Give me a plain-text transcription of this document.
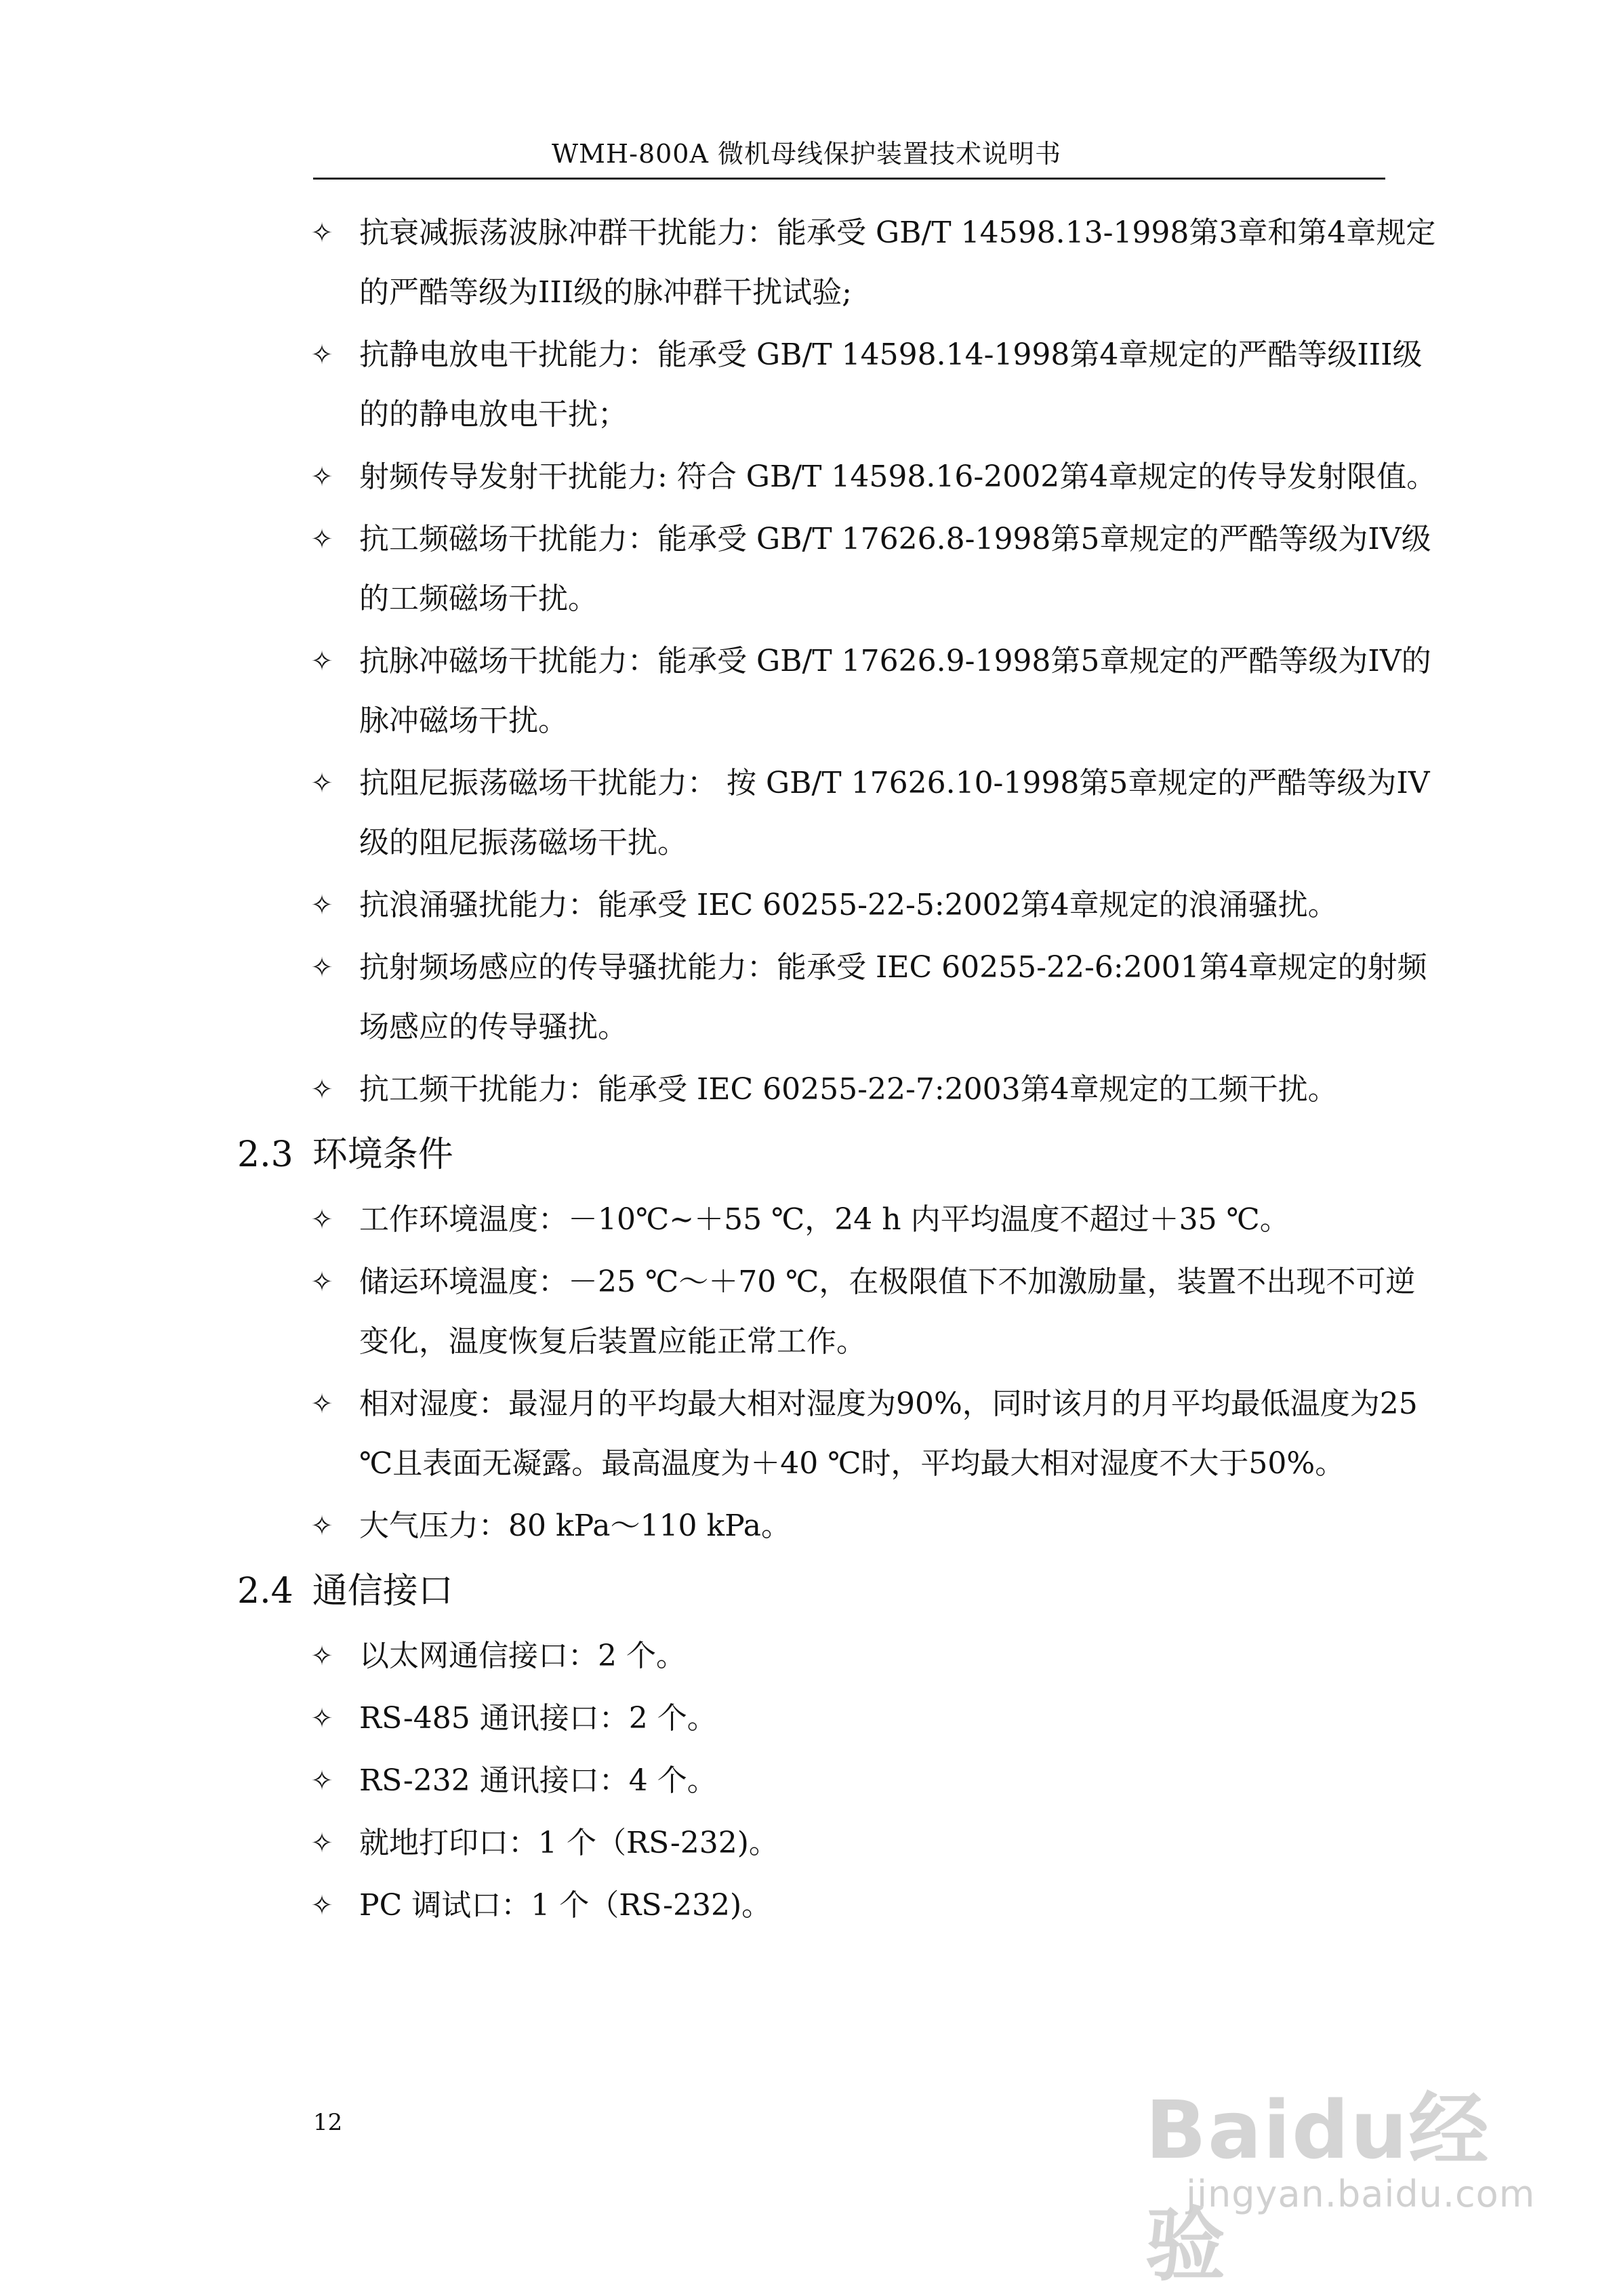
WMH-800A 微机母线保护装置技术说明书
✧ 抗衰减振荡波脉冲群干扰能力：能承受 GB/T 14598.13-1998第3章和第4章规定的严酷等级为III级的脉冲群干扰试验;
✧ 抗静电放电干扰能力：能承受 GB/T 14598.14-1998第4章规定的严酷等级III级的的静电放电干扰；
✧ 射频传导发射干扰能力: 符合 GB/T 14598.16-2002第4章规定的传导发射限值。
✧ 抗工频磁场干扰能力：能承受 GB/T 17626.8-1998第5章规定的严酷等级为IV级的工频磁场干扰。
✧ 抗脉冲磁场干扰能力：能承受 GB/T 17626.9-1998第5章规定的严酷等级为IV的脉冲磁场干扰。
✧ 抗阻尼振荡磁场干扰能力： 按 GB/T 17626.10-1998第5章规定的严酷等级为IV级的阻尼振荡磁场干扰。
✧ 抗浪涌骚扰能力：能承受 IEC 60255-22-5:2002第4章规定的浪涌骚扰。
✧ 抗射频场感应的传导骚扰能力：能承受 IEC 60255-22-6:2001第4章规定的射频场感应的传导骚扰。
✧ 抗工频干扰能力：能承受 IEC 60255-22-7:2003第4章规定的工频干扰。
2.3 环境条件
✧ 工作环境温度：－10℃~＋55 ℃，24 h 内平均温度不超过＋35 ℃。
✧ 储运环境温度：－25 ℃～＋70 ℃，在极限值下不加激励量，装置不出现不可逆变化，温度恢复后装置应能正常工作。
✧ 相对湿度：最湿月的平均最大相对湿度为90%，同时该月的月平均最低温度为25 ℃且表面无凝露。最高温度为＋40 ℃时，平均最大相对湿度不大于50%。
✧ 大气压力：80 kPa～110 kPa。
2.4 通信接口
✧ 以太网通信接口：2 个。
✧ RS-485 通讯接口：2 个。
✧ RS-232 通讯接口：4 个。
✧ 就地打印口：1 个（RS-232)。
✧ PC 调试口：1 个（RS-232)。
12	Baidu经验
jingyan.baidu.com
